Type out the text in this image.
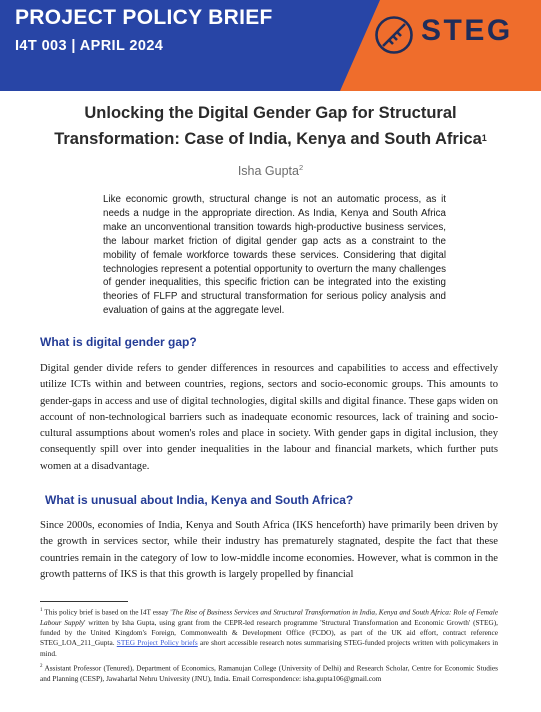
PROJECT POLICY BRIEF
I4T 003 | APRIL 2024	STEG
Unlocking the Digital Gender Gap for Structural
Transformation: Case of India, Kenya and South Africa$^1$
Isha Gupta$^2$
Like economic growth, structural change is not an automatic process, as it needs a nudge in the appropriate direction. As India, Kenya and South Africa make an unconventional transition towards high-productive business services, the labour market friction of digital gender gap acts as a constraint to the mobility of female workforce towards these services. Considering that digital technologies represent a potential opportunity to overturn the many challenges of gender inequalities, this specific friction can be integrated into the existing theories of FLFP and structural transformation for serious policy analysis and evaluation of gains at the aggregate level.
What is digital gender gap?

Digital gender divide refers to gender differences in resources and capabilities to access and effectively utilize ICTs within and between countries, regions, sectors and socio-economic groups. This amounts to gender-gaps in access and use of digital technologies, digital skills and digital finance. These gaps widen on account of non-technological barriers such as inadequate economic resources, lack of training and socio-cultural assumptions about women's roles and place in society. With gender gaps in digital inclusion, they consequently spill over into gender inequalities in the labour and financial markets, which further puts women at a disadvantage.

What is unusual about India, Kenya and South Africa?

Since 2000s, economies of India, Kenya and South Africa (IKS henceforth) have primarily been driven by the growth in services sector, while their industry has prematurely stagnated, despite the fact that these countries remain in the category of low to low-middle income economies. However, what is common in the growth patterns of IKS is that this growth is largely propelled by financial

$^1$ This policy brief is based on the I4T essay 'The Rise of Business Services and Structural Transformation in India, Kenya and South Africa: Role of Female Labour Supply' written by Isha Gupta, using grant from the CEPR-led research programme 'Structural Transformation and Economic Growth' (STEG), funded by the United Kingdom's Foreign, Commonwealth & Development Office (FCDO), as part of the UK aid effort, contract reference STEG_LOA_211_Gupta. STEG Project Policy briefs are short accessible research notes summarising STEG-funded projects written with policymakers in mind.

$^2$ Assistant Professor (Tenured), Department of Economics, Ramanujan College (University of Delhi) and Research Scholar, Centre for Economic Studies and Planning (CESP), Jawaharlal Nehru University (JNU), India. Email Correspondence: isha.gupta106@gmail.com
